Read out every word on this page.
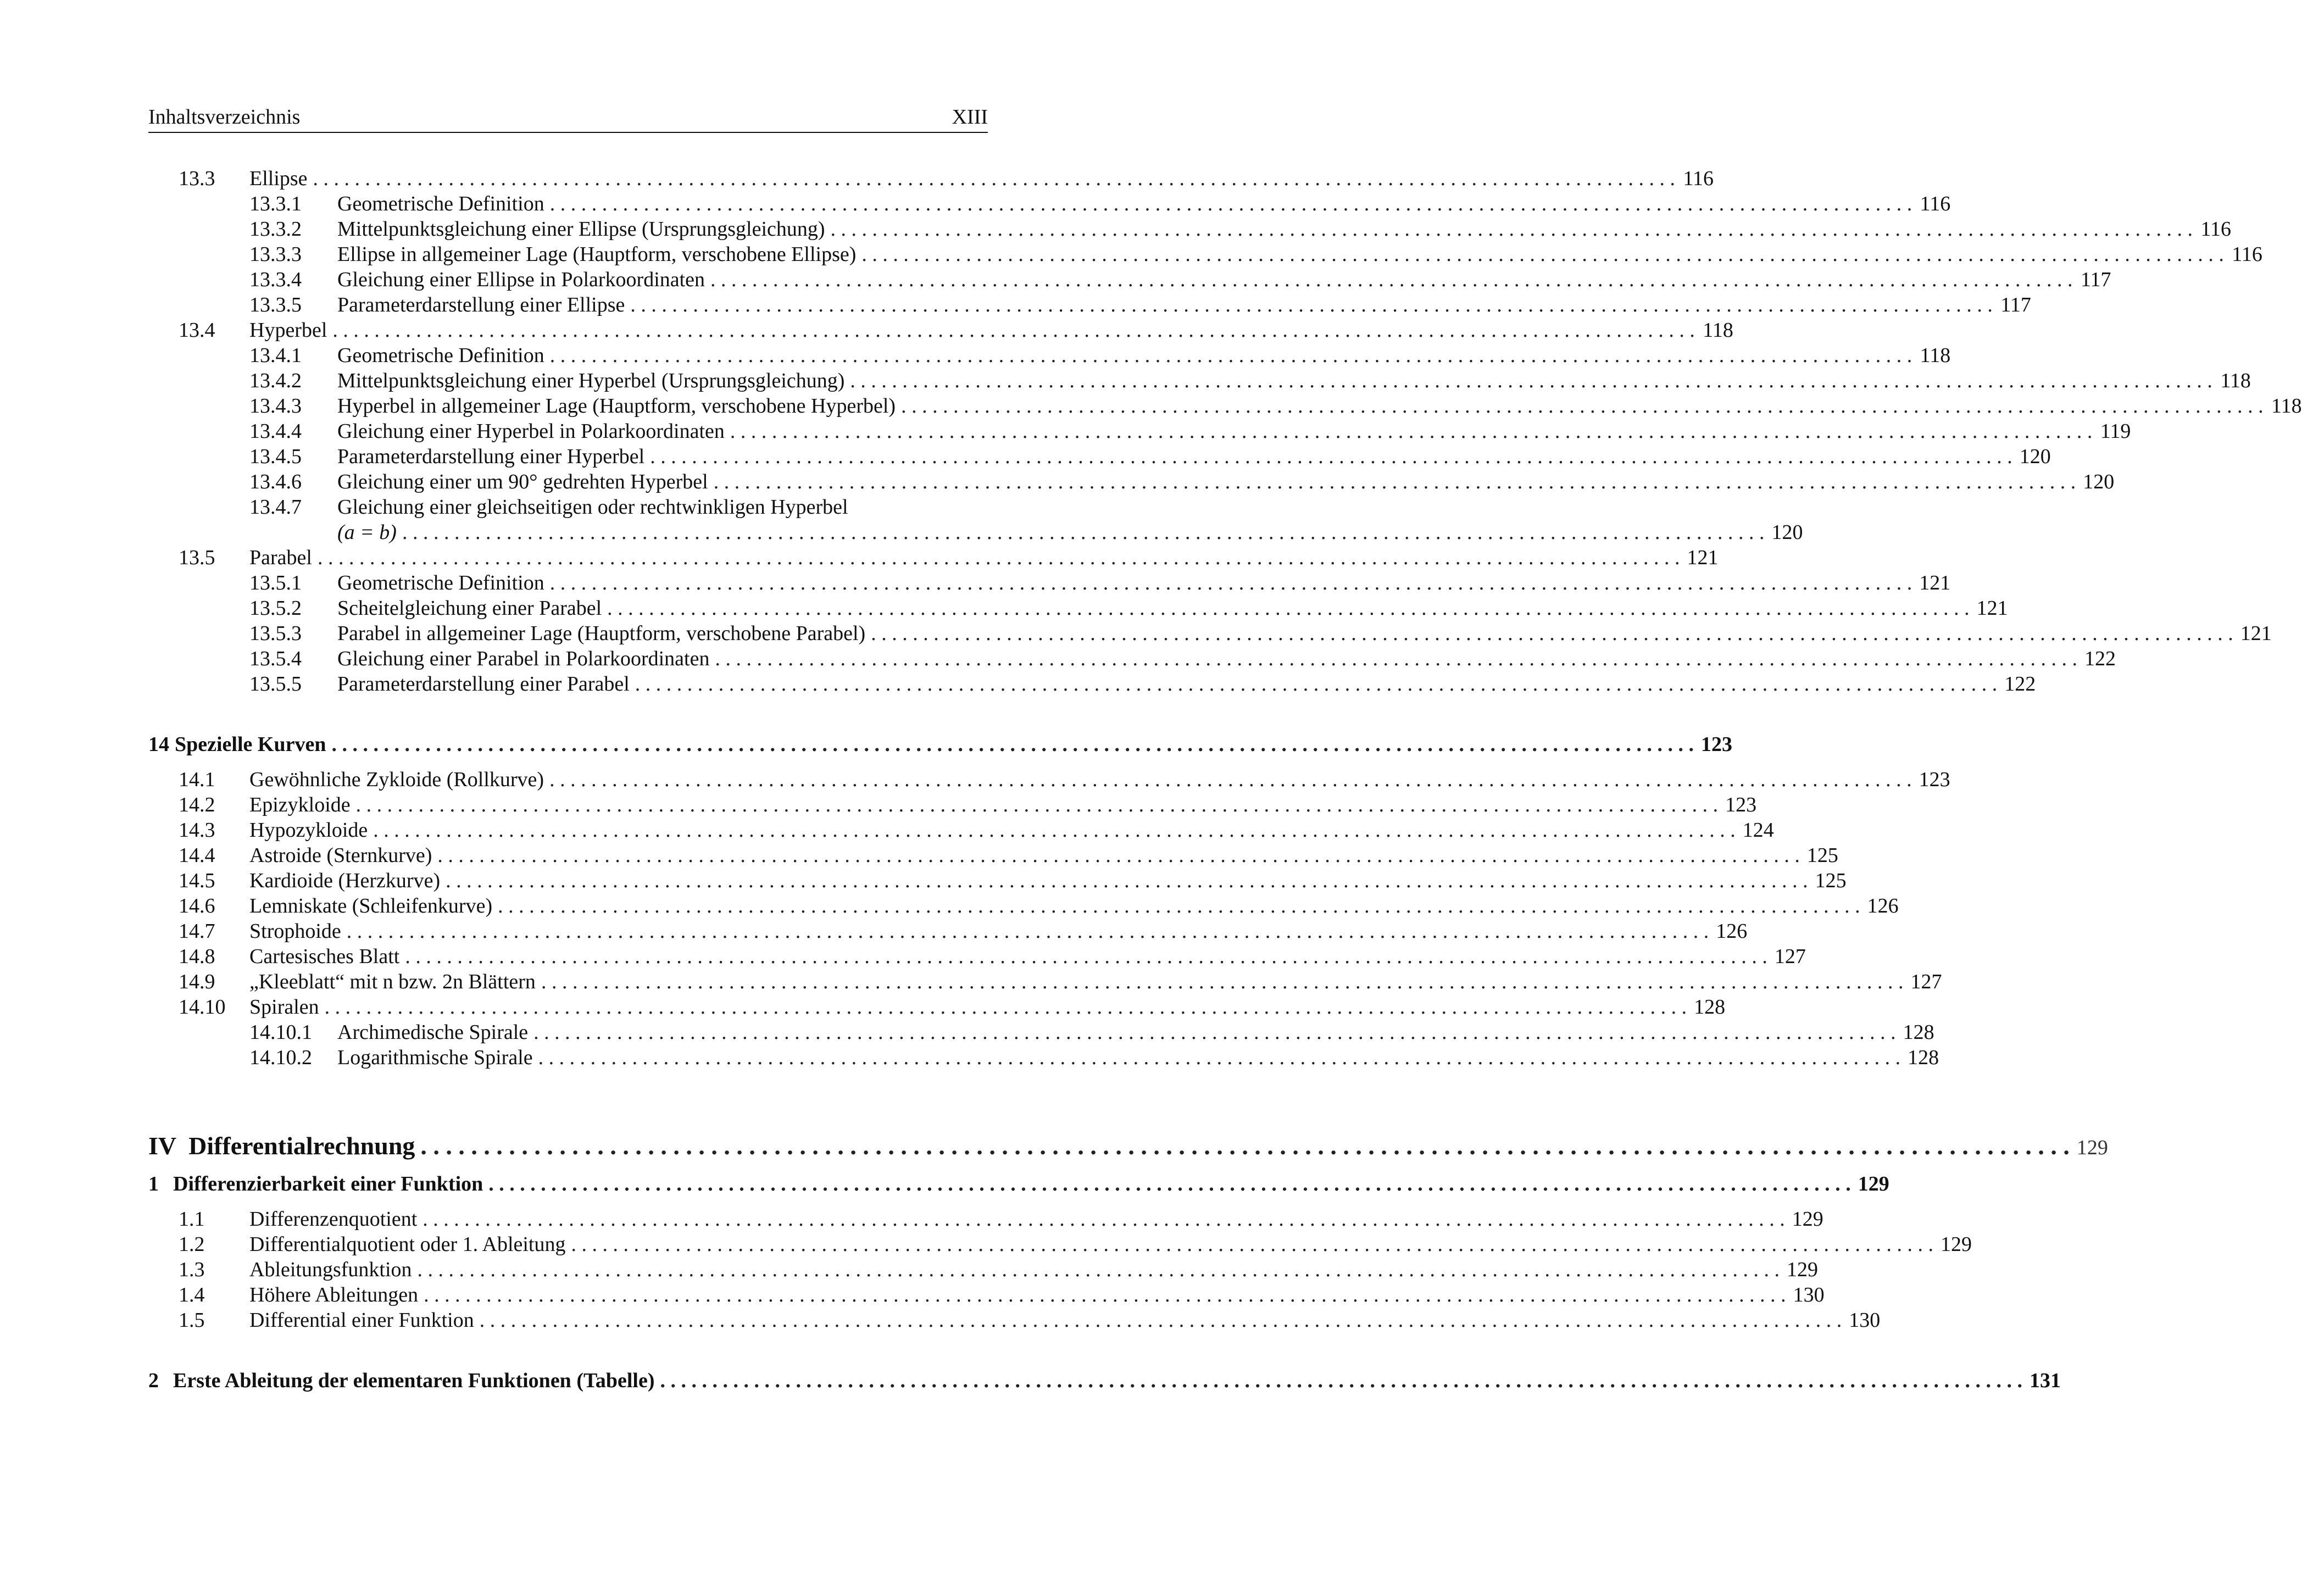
Inhaltsverzeichnis	XIII
13.3	Ellipse . . .	116
13.3.1	Geometrische Definition . . .	116
13.3.2	Mittelpunktsgleichung einer Ellipse (Ursprungsgleichung) . . .	116
13.3.3	Ellipse in allgemeiner Lage (Hauptform, verschobene Ellipse) . . .	116
13.3.4	Gleichung einer Ellipse in Polarkoordinaten . . .	117
13.3.5	Parameterdarstellung einer Ellipse . . .	117
13.4	Hyperbel . . .	118
13.4.1	Geometrische Definition . . .	118
13.4.2	Mittelpunktsgleichung einer Hyperbel (Ursprungsgleichung) . . .	118
13.4.3	Hyperbel in allgemeiner Lage (Hauptform, verschobene Hyperbel) . . .	118
13.4.4	Gleichung einer Hyperbel in Polarkoordinaten . . .	119
13.4.5	Parameterdarstellung einer Hyperbel . . .	120
13.4.6	Gleichung einer um 90° gedrehten Hyperbel . . .	120
13.4.7	Gleichung einer gleichseitigen oder rechtwinkligen Hyperbel
(a = b) . . .	120
13.5	Parabel . . .	121
13.5.1	Geometrische Definition . . .	121
13.5.2	Scheitelgleichung einer Parabel . . .	121
13.5.3	Parabel in allgemeiner Lage (Hauptform, verschobene Parabel) . . .	121
13.5.4	Gleichung einer Parabel in Polarkoordinaten . . .	122
13.5.5	Parameterdarstellung einer Parabel . . .	122
14 Spezielle Kurven . . .	123
14.1	Gewöhnliche Zykloide (Rollkurve) . . .	123
14.2	Epizykloide . . .	123
14.3	Hypozykloide . . .	124
14.4	Astroide (Sternkurve) . . .	125
14.5	Kardioide (Herzkurve) . . .	125
14.6	Lemniskate (Schleifenkurve) . . .	126
14.7	Strophoide . . .	126
14.8	Cartesisches Blatt . . .	127
14.9	„Kleeblatt“ mit n bzw. 2n Blättern . . .	127
14.10	Spiralen . . .	128
14.10.1	Archimedische Spirale . . .	128
14.10.2	Logarithmische Spirale . . .	128
IV Differentialrechnung . . .	129
1 Differenzierbarkeit einer Funktion . . .	129
1.1	Differenzenquotient . . .	129
1.2	Differentialquotient oder 1. Ableitung . . .	129
1.3	Ableitungsfunktion . . .	129
1.4	Höhere Ableitungen . . .	130
1.5	Differential einer Funktion . . .	130
2 Erste Ableitung der elementaren Funktionen (Tabelle) . . .	131
